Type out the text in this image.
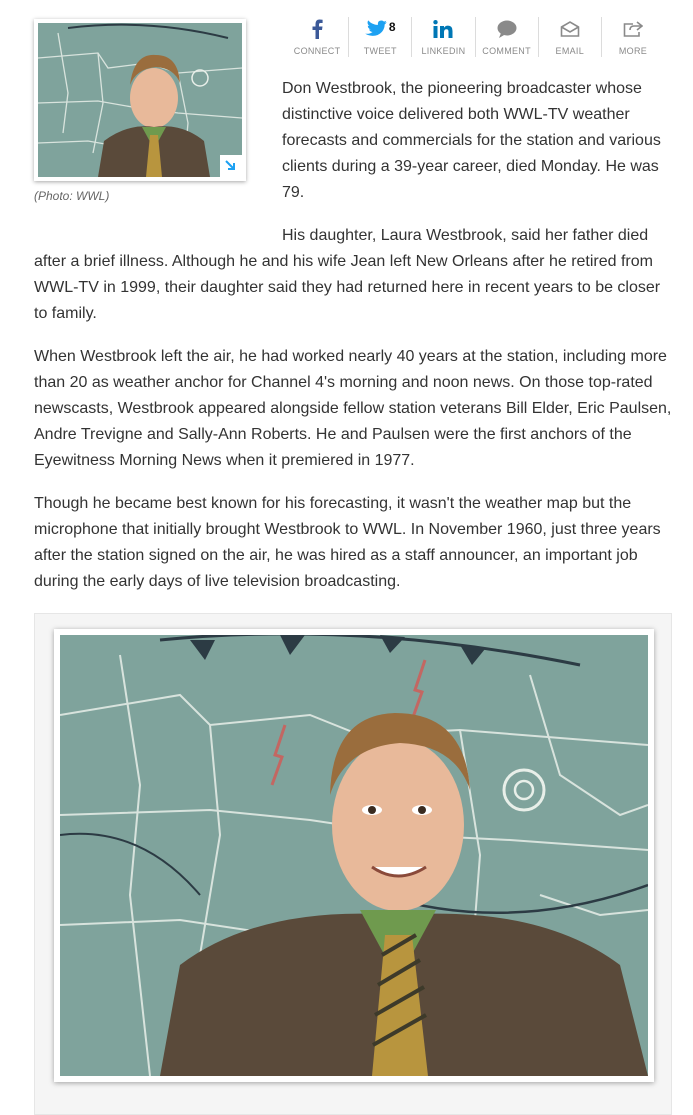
(Photo: WWL)
CONNECT
8
TWEET	LINKEDIN COMMENT	EMAIL	MORE

Don Westbrook, the pioneering broadcaster whose distinctive voice delivered both WWL-TV weather forecasts and commercials for the station and various clients during a 39-year career, died Monday. He was 79.

His daughter, Laura Westbrook, said her father died after a brief illness. Although he and his wife Jean left New Orleans after he retired from WWL-TV in 1999, their daughter said they had returned here in recent years to be closer to family.

When Westbrook left the air, he had worked nearly 40 years at the station, including more than 20 as weather anchor for Channel 4's morning and noon news. On those top-rated newscasts, Westbrook appeared alongside fellow station veterans Bill Elder, Eric Paulsen, Andre Trevigne and Sally-Ann Roberts. He and Paulsen were the first anchors of the Eyewitness Morning News when it premiered in 1977.

Though he became best known for his forecasting, it wasn't the weather map but the microphone that initially brought Westbrook to WWL. In November 1960, just three years after the station signed on the air, he was hired as a staff announcer, an important job during the early days of live television broadcasting.
